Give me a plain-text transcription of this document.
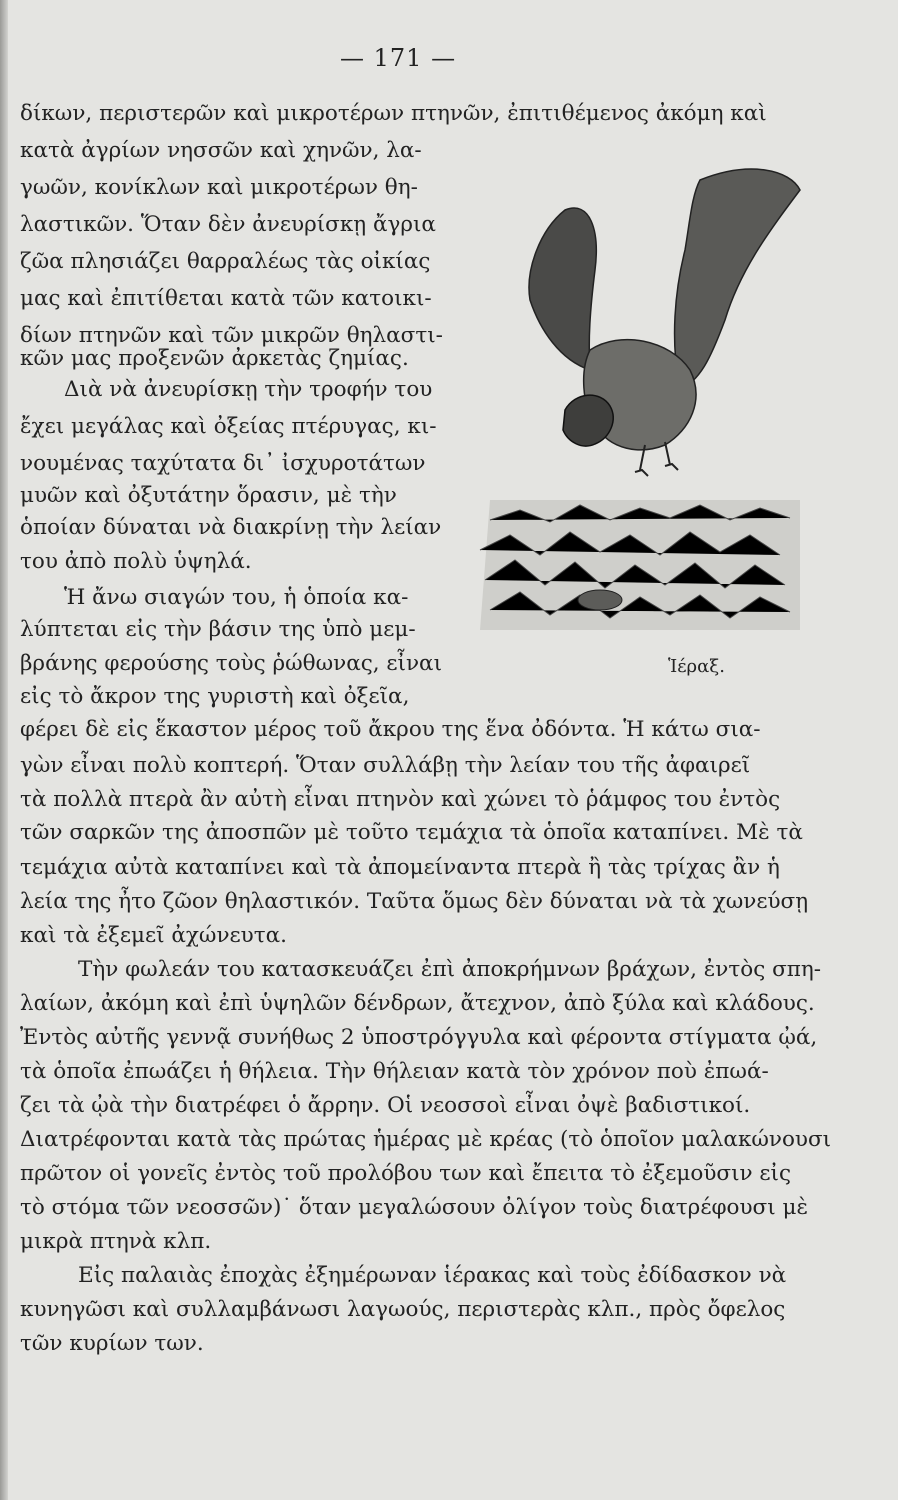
— 171 —
δίκων, περιστερῶν καὶ μικροτέρων πτηνῶν, ἐπιτιθέμενος ἀκόμη καὶ
κατὰ ἀγρίων νησσῶν καὶ χηνῶν, λα-
γωῶν, κονίκλων καὶ μικροτέρων θη-
λαστικῶν. Ὅταν δὲν ἀνευρίσκῃ ἄγρια
ζῶα πλησιάζει θαρραλέως τὰς οἰκίας
μας καὶ ἐπιτίθεται κατὰ τῶν κατοικι-
δίων πτηνῶν καὶ τῶν μικρῶν θηλαστι-
κῶν μας προξενῶν ἀρκετὰς ζημίας.
Διὰ νὰ ἀνευρίσκῃ τὴν τροφήν του
ἔχει μεγάλας καὶ ὀξείας πτέρυγας, κι-
νουμένας ταχύτατα δι᾽ ἰσχυροτάτων
μυῶν καὶ ὀξυτάτην ὅρασιν, μὲ τὴν
ὁποίαν δύναται νὰ διακρίνῃ τὴν λείαν
του ἀπὸ πολὺ ὑψηλά.
Ἡ ἄνω σιαγών του, ἡ ὁποία κα-
λύπτεται εἰς τὴν βάσιν της ὑπὸ μεμ-
βράνης φερούσης τοὺς ῥώθωνας, εἶναι
εἰς τὸ ἄκρον της γυριστὴ καὶ ὀξεῖα,
φέρει δὲ εἰς ἕκαστον μέρος τοῦ ἄκρου της ἕνα ὀδόντα. Ἡ κάτω σια-
γὼν εἶναι πολὺ κοπτερή. Ὅταν συλλάβῃ τὴν λείαν του τῆς ἀφαιρεῖ
τὰ πολλὰ πτερὰ ἂν αὐτὴ εἶναι πτηνὸν καὶ χώνει τὸ ῥάμφος του ἐντὸς
τῶν σαρκῶν της ἀποσπῶν μὲ τοῦτο τεμάχια τὰ ὁποῖα καταπίνει. Μὲ τὰ
τεμάχια αὐτὰ καταπίνει καὶ τὰ ἀπομείναντα πτερὰ ἢ τὰς τρίχας ἂν ἡ
λεία της ἦτο ζῶον θηλαστικόν. Ταῦτα ὅμως δὲν δύναται νὰ τὰ χωνεύσῃ
καὶ τὰ ἐξεμεῖ ἀχώνευτα.
Τὴν φωλεάν του κατασκευάζει ἐπὶ ἀποκρήμνων βράχων, ἐντὸς σπη-
λαίων, ἀκόμη καὶ ἐπὶ ὑψηλῶν δένδρων, ἄτεχνον, ἀπὸ ξύλα καὶ κλάδους.
Ἐντὸς αὐτῆς γεννᾷ συνήθως 2 ὑποστρόγγυλα καὶ φέροντα στίγματα ᾠά,
τὰ ὁποῖα ἐπωάζει ἡ θήλεια. Τὴν θήλειαν κατὰ τὸν χρόνον ποὺ ἐπωά-
ζει τὰ ᾠὰ τὴν διατρέφει ὁ ἄρρην. Οἱ νεοσσοὶ εἶναι ὀψὲ βαδιστικοί.
Διατρέφονται κατὰ τὰς πρώτας ἡμέρας μὲ κρέας (τὸ ὁποῖον μαλακώνουσι
πρῶτον οἱ γονεῖς ἐντὸς τοῦ προλόβου των καὶ ἔπειτα τὸ ἐξεμοῦσιν εἰς
τὸ στόμα τῶν νεοσσῶν)˙ ὅταν μεγαλώσουν ὀλίγον τοὺς διατρέφουσι μὲ
μικρὰ πτηνὰ κλπ.
Εἰς παλαιὰς ἐποχὰς ἐξημέρωναν ἱέρακας καὶ τοὺς ἐδίδασκον νὰ
κυνηγῶσι καὶ συλλαμβάνωσι λαγωούς, περιστερὰς κλπ., πρὸς ὄφελος
τῶν κυρίων των.
Ἱέραξ.
